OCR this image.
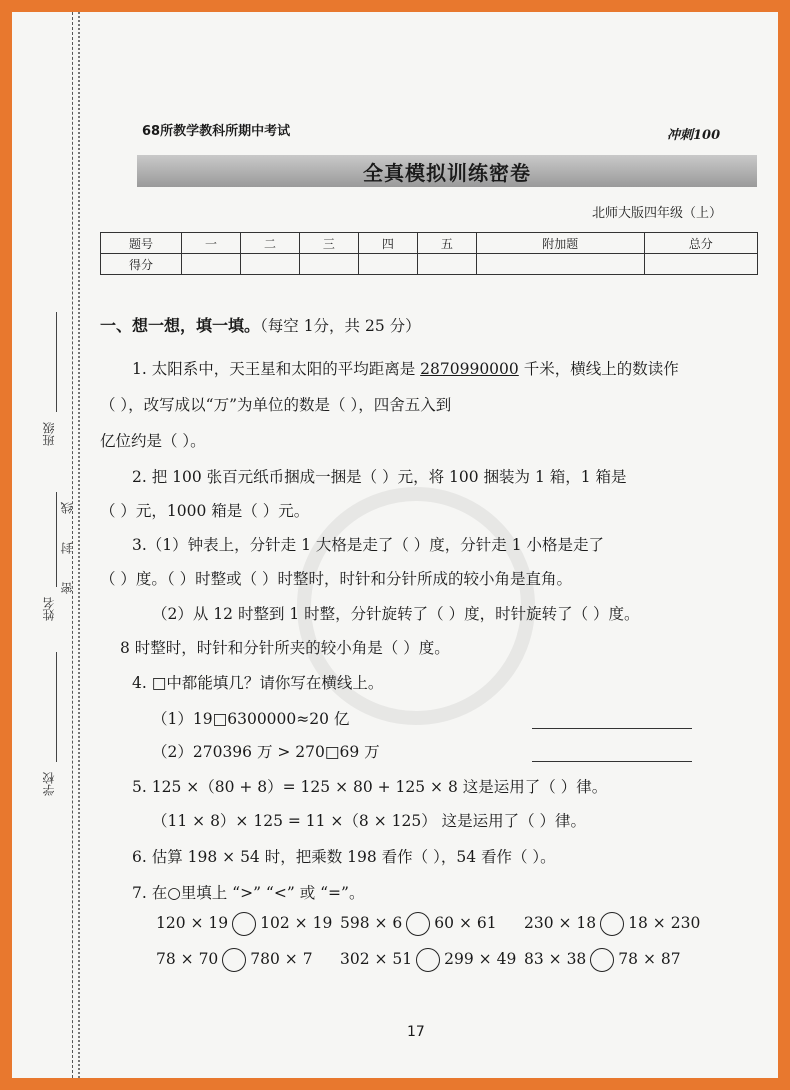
班级
姓名
线
封
密
学校
68所教学教科所期中考试	冲刺100
全真模拟训练密卷
北师大版四年级（上）
题号	一	二	三	四	五	附加题	总分
得分							
一、想一想，填一填。（每空 1分，共 25 分）
1. 太阳系中，天王星和太阳的平均距离是 2870990000 千米，横线上的数读作
（ ），改写成以“万”为单位的数是（ ），四舍五入到
亿位约是（ ）。
2. 把 100 张百元纸币捆成一捆是（ ）元，将 100 捆装为 1 箱，1 箱是
（ ）元，1000 箱是（ ）元。
3.（1）钟表上，分针走 1 大格是走了（ ）度，分针走 1 小格是走了
（ ）度。（ ）时整或（ ）时整时，时针和分针所成的较小角是直角。
（2）从 12 时整到 1 时整，分针旋转了（ ）度，时针旋转了（ ）度。
8 时整时，时针和分针所夹的较小角是（ ）度。
4. □中都能填几？请你写在横线上。
（1）19□6300000≈20 亿
（2）270396 万 > 270□69 万
5. 125 ×（80 + 8）= 125 × 80 + 125 × 8 这是运用了（ ）律。
（11 × 8）× 125 = 11 ×（8 × 125） 这是运用了（ ）律。
6. 估算 198 × 54 时，把乘数 198 看作（ ），54 看作（ ）。
7. 在○里填上 “>” “<” 或 “=”。
120 × 19 102 × 19 598 × 6 60 × 61 230 × 18 18 × 230
78 × 70 780 × 7 302 × 51 299 × 49 83 × 38 78 × 87
17
